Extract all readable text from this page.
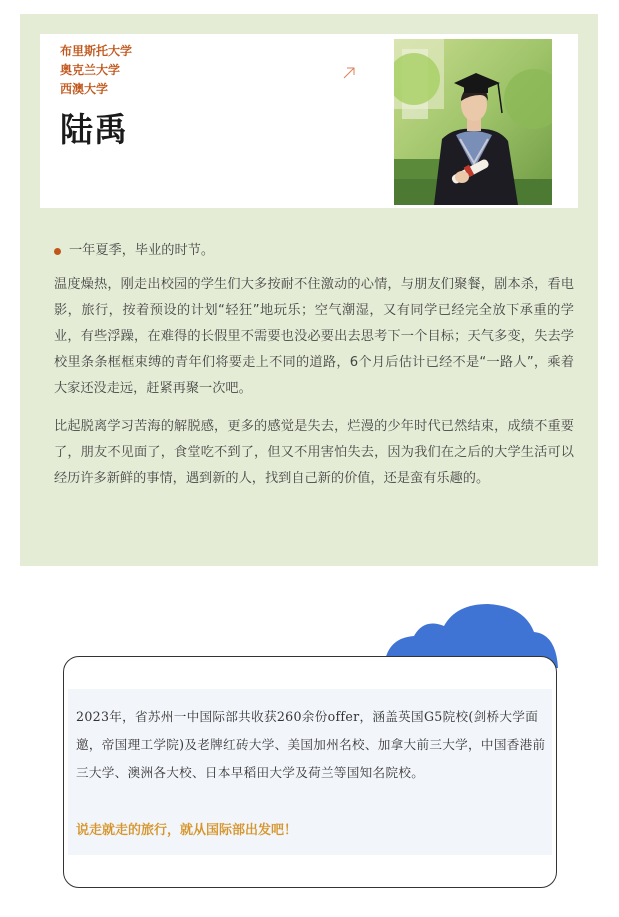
布里斯托大学
奥克兰大学
西澳大学
陆禹
一年夏季，毕业的时节。

温度燥热，刚走出校园的学生们大多按耐不住激动的心情，与朋友们聚餐，剧本杀，看电影，旅行，按着预设的计划“轻狂”地玩乐；空气潮湿，又有同学已经完全放下承重的学业，有些浮躁，在难得的长假里不需要也没必要出去思考下一个目标；天气多变，失去学校里条条框框束缚的青年们将要走上不同的道路，6个月后估计已经不是“一路人”，乘着大家还没走远，赶紧再聚一次吧。

比起脱离学习苦海的解脱感，更多的感觉是失去，烂漫的少年时代已然结束，成绩不重要了，朋友不见面了，食堂吃不到了，但又不用害怕失去，因为我们在之后的大学生活可以经历许多新鲜的事情，遇到新的人，找到自己新的价值，还是蛮有乐趣的。

2023年，省苏州一中国际部共收获260余份offer，涵盖英国G5院校(剑桥大学面邀，帝国理工学院)及老牌红砖大学、美国加州名校、加拿大前三大学，中国香港前三大学、澳洲各大校、日本早稻田大学及荷兰等国知名院校。
说走就走的旅行，就从国际部出发吧！
